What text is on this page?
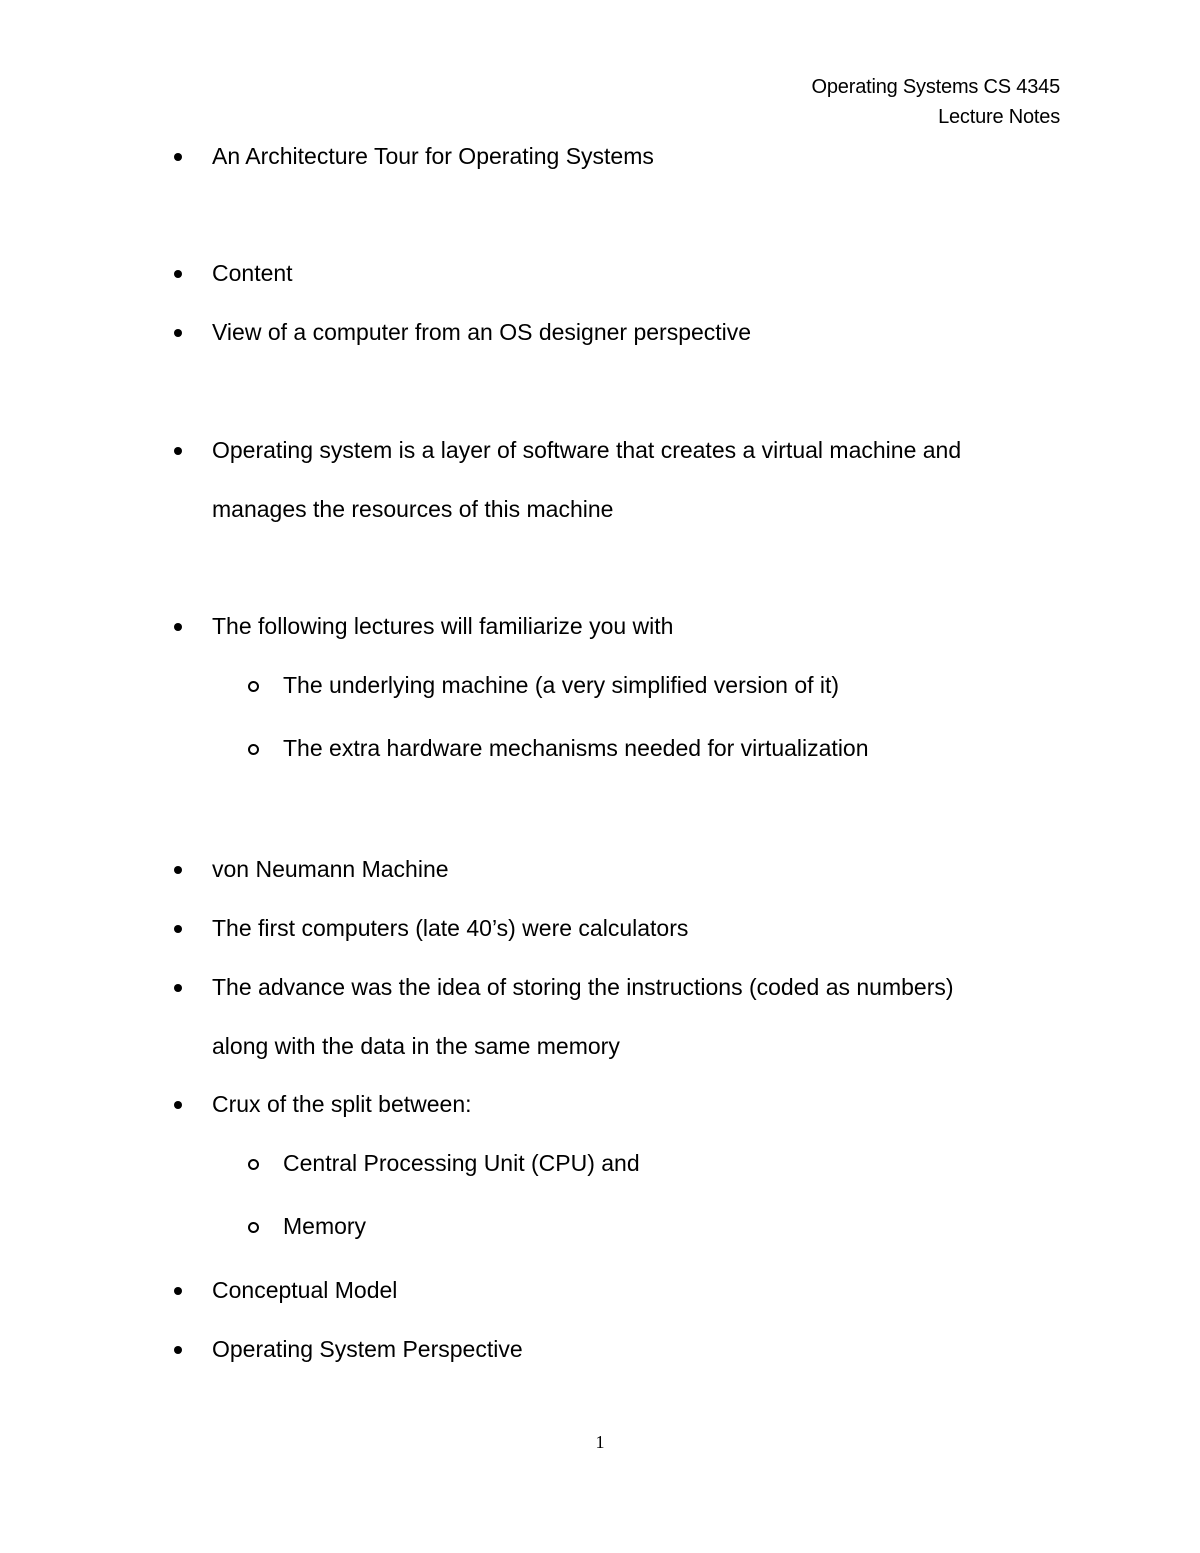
Operating Systems CS 4345
Lecture Notes
An Architecture Tour for Operating Systems
Content
View of a computer from an OS designer perspective
Operating system is a layer of software that creates a virtual machine and
manages the resources of this machine
The following lectures will familiarize you with
The underlying machine (a very simplified version of it)
The extra hardware mechanisms needed for virtualization
von Neumann Machine
The first computers (late 40’s) were calculators
The advance was the idea of storing the instructions (coded as numbers)
along with the data in the same memory
Crux of the split between:
Central Processing Unit (CPU) and
Memory
Conceptual Model
Operating System Perspective
1
